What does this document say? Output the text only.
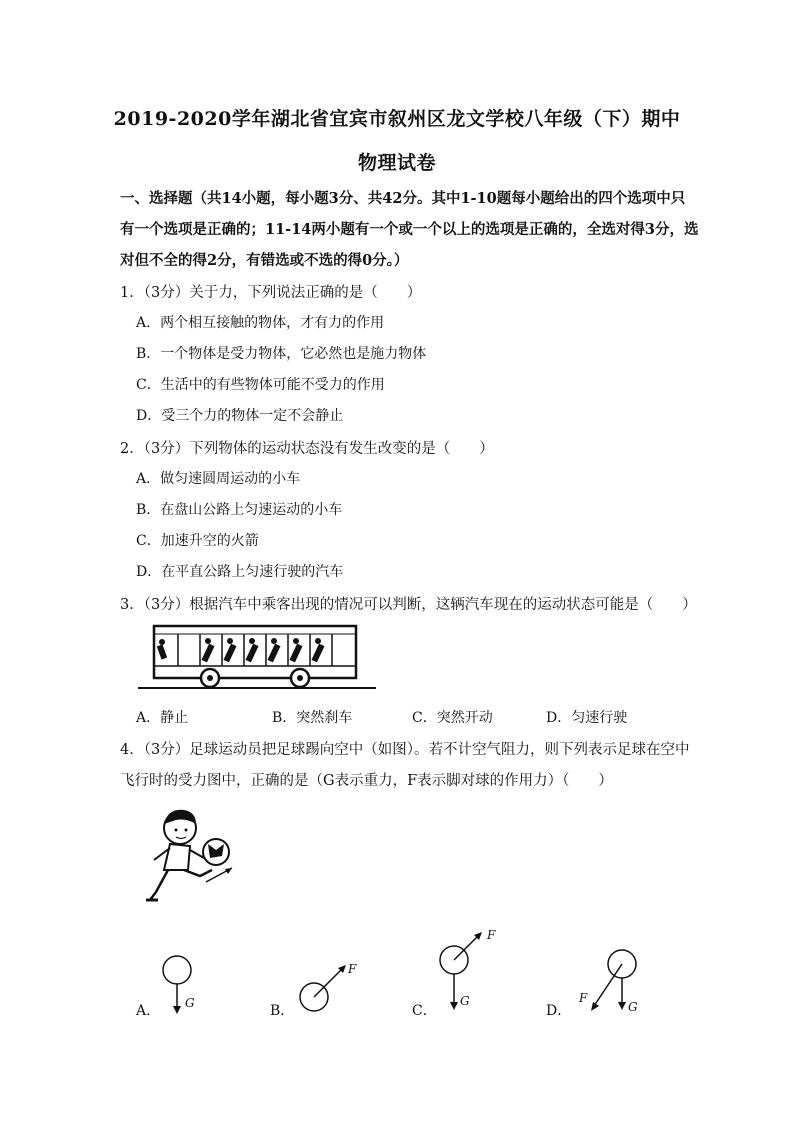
2019-2020学年湖北省宜宾市叙州区龙文学校八年级（下）期中
物理试卷
一、选择题（共14小题，每小题3分、共42分。其中1-10题每小题给出的四个选项中只
有一个选项是正确的；11-14两小题有一个或一个以上的选项是正确的，全选对得3分，选
对但不全的得2分，有错选或不选的得0分。）
1．（3分）关于力，下列说法正确的是（　　）
A．两个相互接触的物体，才有力的作用
B．一个物体是受力物体，它必然也是施力物体
C．生活中的有些物体可能不受力的作用
D．受三个力的物体一定不会静止
2．（3分）下列物体的运动状态没有发生改变的是（　　）
A．做匀速圆周运动的小车
B．在盘山公路上匀速运动的小车
C．加速升空的火箭
D．在平直公路上匀速行驶的汽车
3．（3分）根据汽车中乘客出现的情况可以判断，这辆汽车现在的运动状态可能是（　　）
A．静止	B．突然刹车	C．突然开动	D．匀速行驶
4．（3分）足球运动员把足球踢向空中（如图）。若不计空气阻力，则下列表示足球在空中
飞行时的受力图中，正确的是（G表示重力，F表示脚对球的作用力）（　　）
G
A．
F
B．
F
G
C．
F
G
D．
